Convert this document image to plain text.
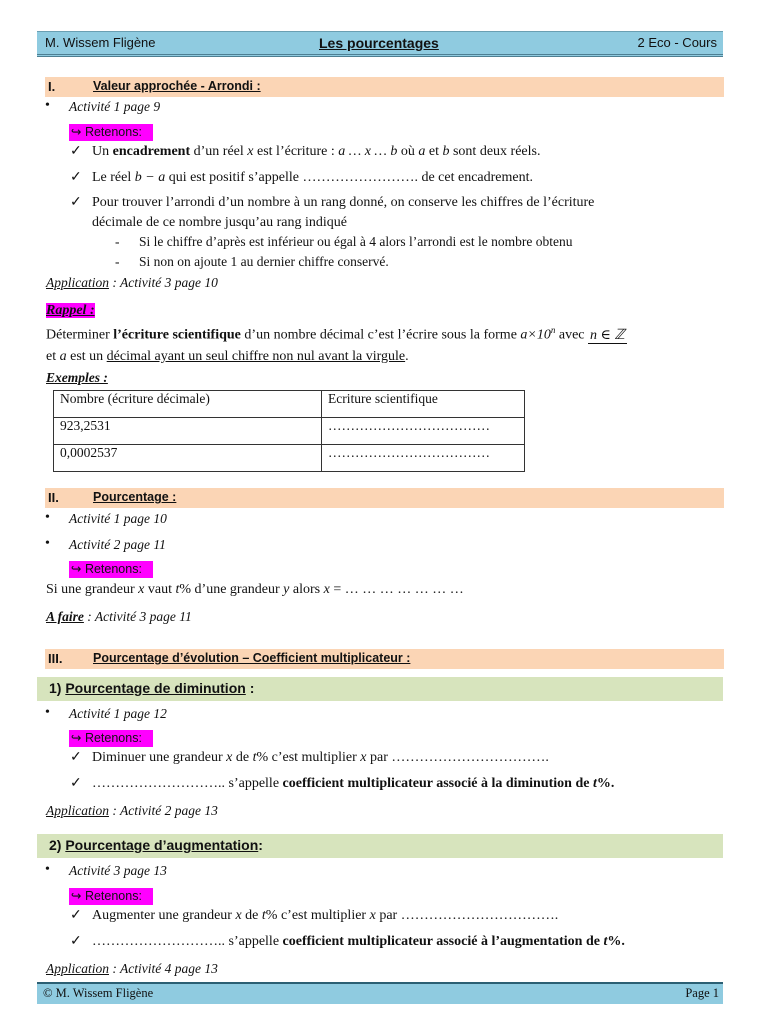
M. Wissem Fligène	Les pourcentages	2 Eco - Cours
I.	Valeur approchée - Arrondi :
• Activité 1 page 9
↪ Retenons:
✓ Un encadrement d’un réel x est l’écriture : a … x … b où a et b sont deux réels.
✓ Le réel b − a qui est positif s’appelle ……………………. de cet encadrement.
✓ Pour trouver l’arrondi d’un nombre à un rang donné, on conserve les chiffres de l’écriture
décimale de ce nombre jusqu’au rang indiqué
- Si le chiffre d’après est inférieur ou égal à 4 alors l’arrondi est le nombre obtenu
- Si non on ajoute 1 au dernier chiffre conservé.
Application : Activité 3 page 10
Rappel :
Déterminer l’écriture scientifique d’un nombre décimal c’est l’écrire sous la forme $a\times 10^n$ avec n ∈ ℤ
et a est un décimal ayant un seul chiffre non nul avant la virgule.
Exemples :
Nombre (écriture décimale)	Ecriture scientifique
923,2531	………………………………
0,0002537	………………………………
II.	Pourcentage :
• Activité 1 page 10
• Activité 2 page 11
↪ Retenons:
Si une grandeur x vaut t% d’une grandeur y alors x = … … … … … … …
A faire : Activité 3 page 11
III. Pourcentage d’évolution – Coefficient multiplicateur :
1) Pourcentage de diminution :
• Activité 1 page 12
↪ Retenons:
✓ Diminuer une grandeur x de t% c’est multiplier x par …………………………….
✓ ……………………….. s’appelle coefficient multiplicateur associé à la diminution de t%.
Application : Activité 2 page 13
2) Pourcentage d’augmentation:
• Activité 3 page 13
↪ Retenons:
✓ Augmenter une grandeur x de t% c’est multiplier x par …………………………….
✓ ……………………….. s’appelle coefficient multiplicateur associé à l’augmentation de t%.
Application : Activité 4 page 13
© M. Wissem Fligène	Page 1
